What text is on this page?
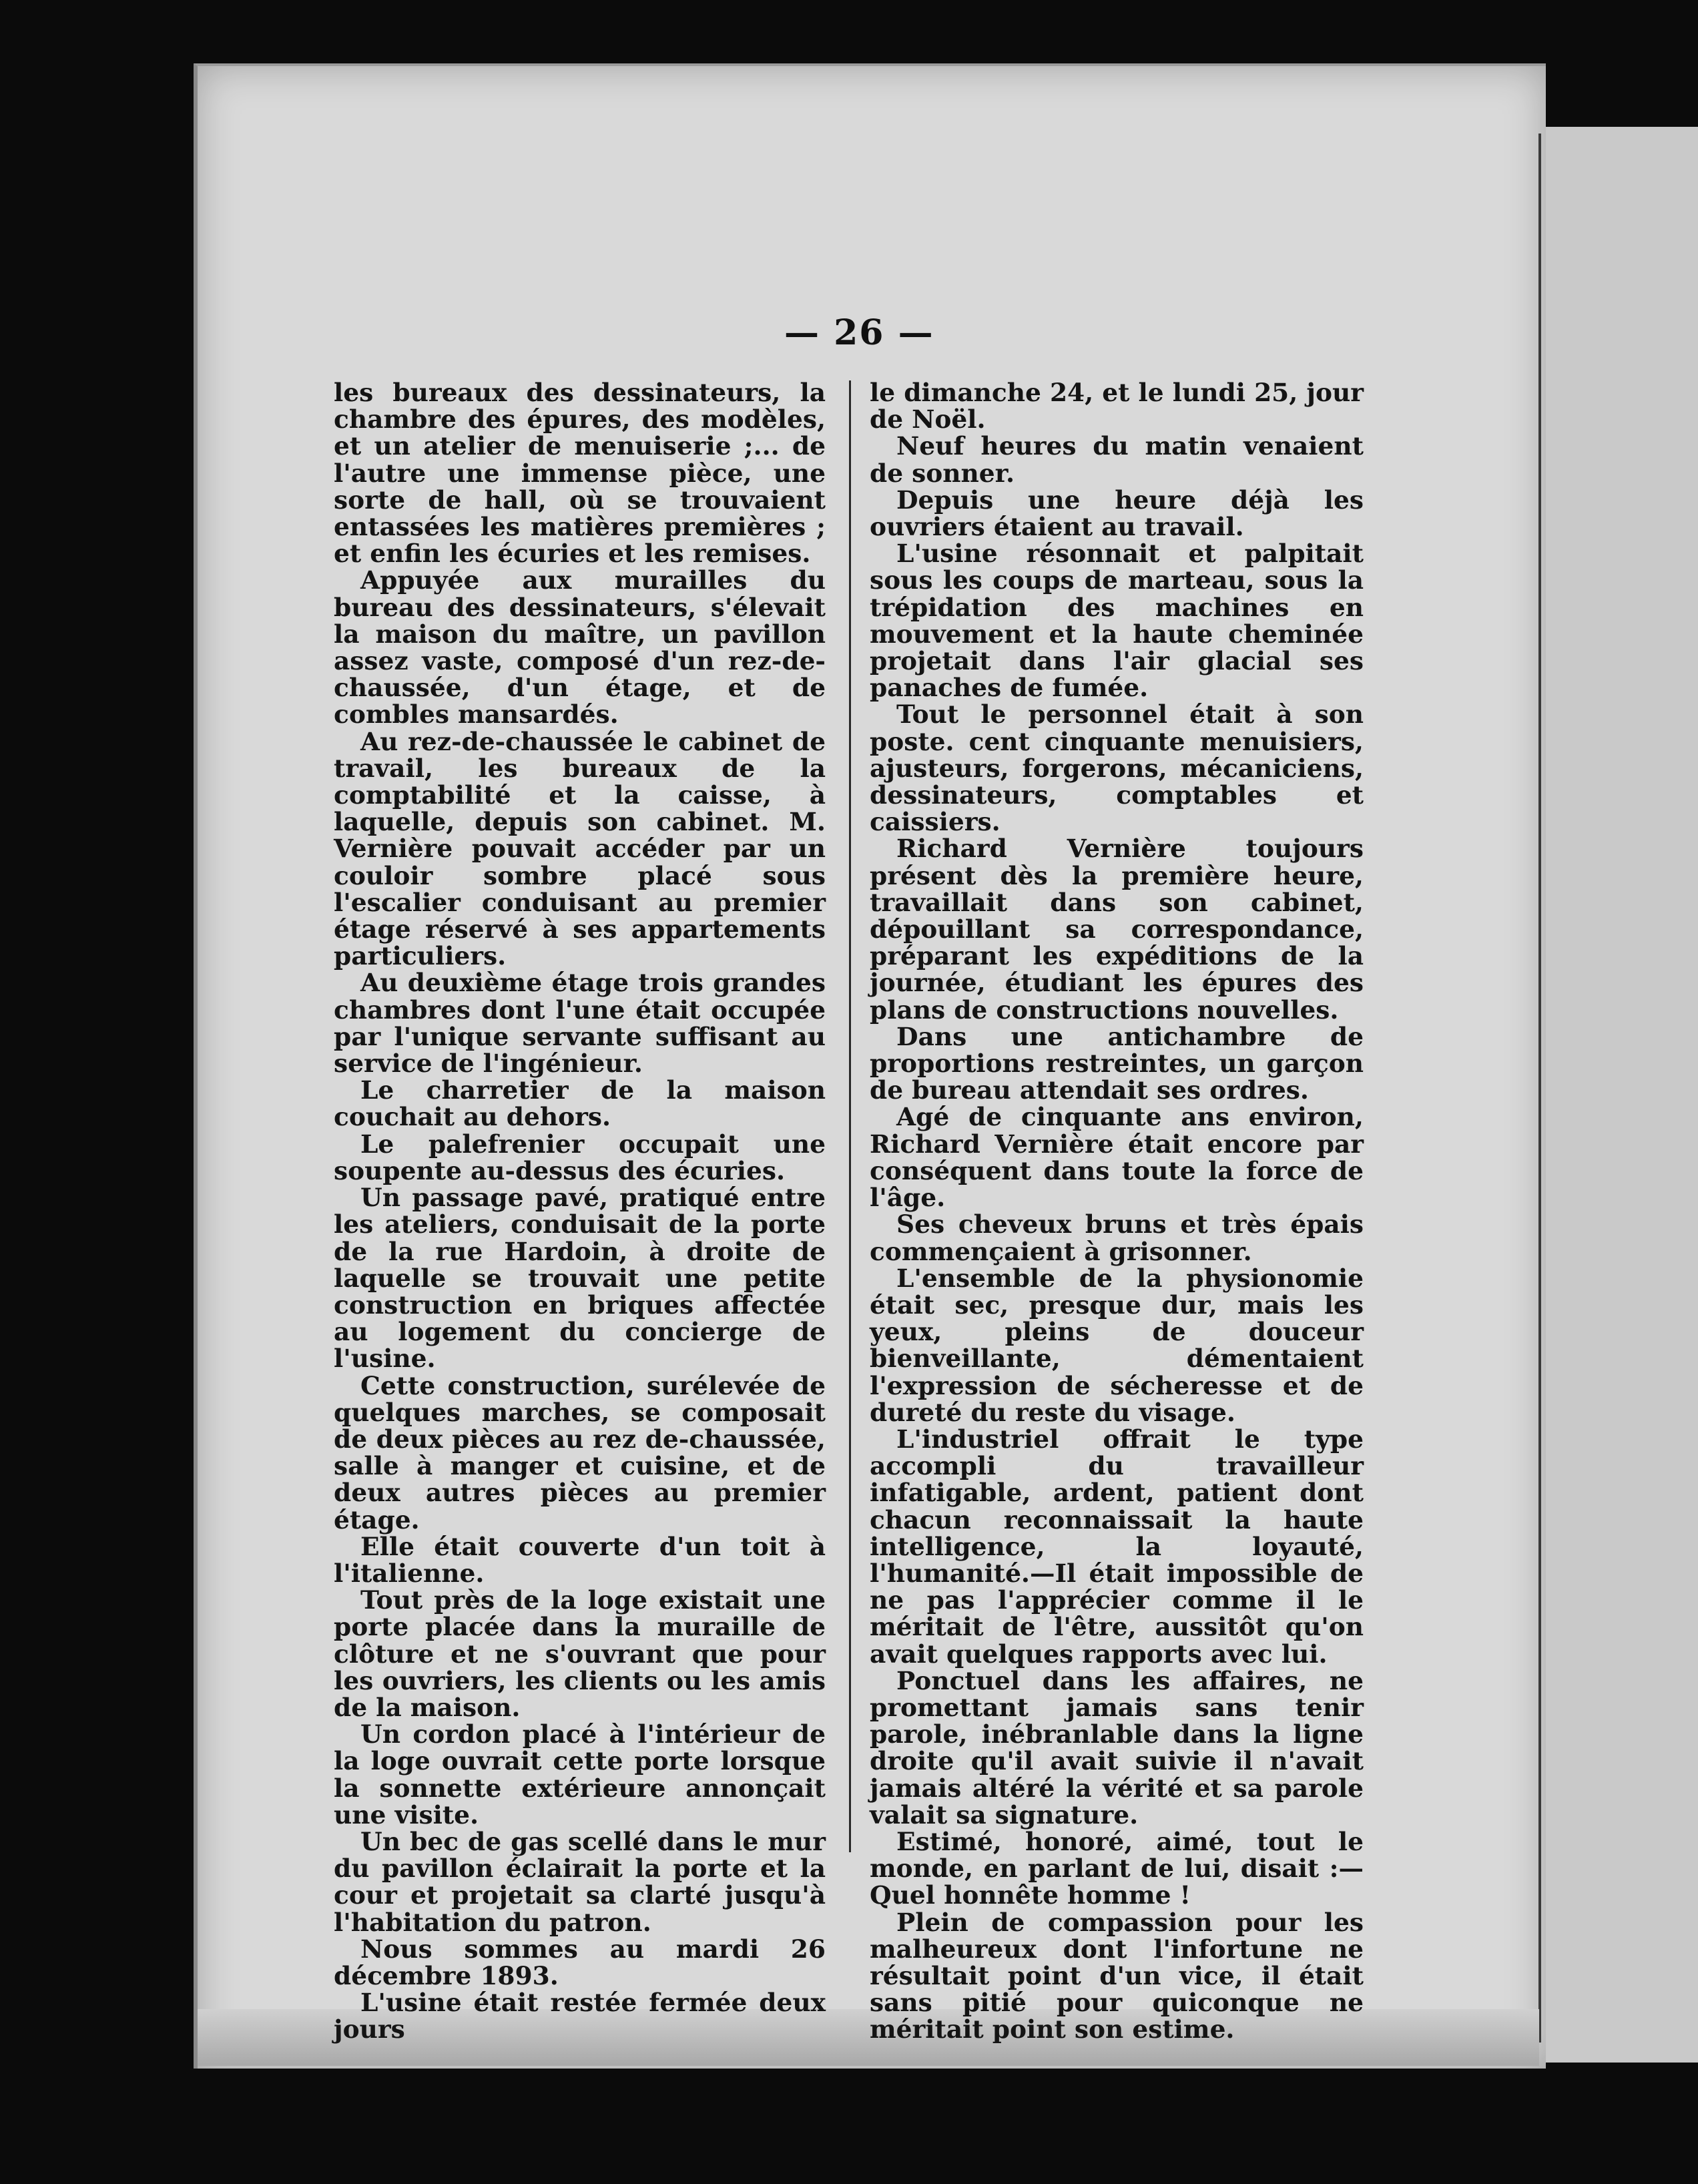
— 26 —

les bureaux des dessinateurs, la chambre des épures, des modèles, et un atelier de menuiserie ;... de l'autre une immense pièce, une sorte de hall, où se trouvaient entassées les matières premières ; et enfin les écuries et les remises.

Appuyée aux murailles du bureau des dessinateurs, s'élevait la maison du maître, un pavillon assez vaste, composé d'un rez-de-chaussée, d'un étage, et de combles mansardés.

Au rez-de-chaussée le cabinet de travail, les bureaux de la comptabilité et la caisse, à laquelle, depuis son cabinet. M. Vernière pouvait accéder par un couloir sombre placé sous l'escalier conduisant au premier étage réservé à ses appartements particuliers.

Au deuxième étage trois grandes chambres dont l'une était occupée par l'unique servante suffisant au service de l'ingénieur.

Le charretier de la maison couchait au dehors.

Le palefrenier occupait une soupente au-dessus des écuries.

Un passage pavé, pratiqué entre les ateliers, conduisait de la porte de la rue Hardoin, à droite de laquelle se trouvait une petite construction en briques affectée au logement du concierge de l'usine.

Cette construction, surélevée de quelques marches, se composait de deux pièces au rez de-chaussée, salle à manger et cuisine, et de deux autres pièces au premier étage.

Elle était couverte d'un toit à l'italienne.

Tout près de la loge existait une porte placée dans la muraille de clôture et ne s'ouvrant que pour les ouvriers, les clients ou les amis de la maison.

Un cordon placé à l'intérieur de la loge ouvrait cette porte lorsque la sonnette extérieure annonçait une visite.

Un bec de gas scellé dans le mur du pavillon éclairait la porte et la cour et projetait sa clarté jusqu'à l'habitation du patron.

Nous sommes au mardi 26 décembre 1893.

L'usine était restée fermée deux jours

le dimanche 24, et le lundi 25, jour de Noël.

Neuf heures du matin venaient de sonner.

Depuis une heure déjà les ouvriers étaient au travail.

L'usine résonnait et palpitait sous les coups de marteau, sous la trépidation des machines en mouvement et la haute cheminée projetait dans l'air glacial ses panaches de fumée.

Tout le personnel était à son poste. cent cinquante menuisiers, ajusteurs, forgerons, mécaniciens, dessinateurs, comptables et caissiers.

Richard Vernière toujours présent dès la première heure, travaillait dans son cabinet, dépouillant sa correspondance, préparant les expéditions de la journée, étudiant les épures des plans de constructions nouvelles.

Dans une antichambre de proportions restreintes, un garçon de bureau attendait ses ordres.

Agé de cinquante ans environ, Richard Vernière était encore par conséquent dans toute la force de l'âge.

Ses cheveux bruns et très épais commençaient à grisonner.

L'ensemble de la physionomie était sec, presque dur, mais les yeux, pleins de douceur bienveillante, démentaient l'expression de sécheresse et de dureté du reste du visage.

L'industriel offrait le type accompli du travailleur infatigable, ardent, patient dont chacun reconnaissait la haute intelligence, la loyauté, l'humanité.—Il était impossible de ne pas l'apprécier comme il le méritait de l'être, aussitôt qu'on avait quelques rapports avec lui.

Ponctuel dans les affaires, ne promettant jamais sans tenir parole, inébranlable dans la ligne droite qu'il avait suivie il n'avait jamais altéré la vérité et sa parole valait sa signature.

Estimé, honoré, aimé, tout le monde, en parlant de lui, disait :—Quel honnête homme !

Plein de compassion pour les malheureux dont l'infortune ne résultait point d'un vice, il était sans pitié pour quiconque ne méritait point son estime.
